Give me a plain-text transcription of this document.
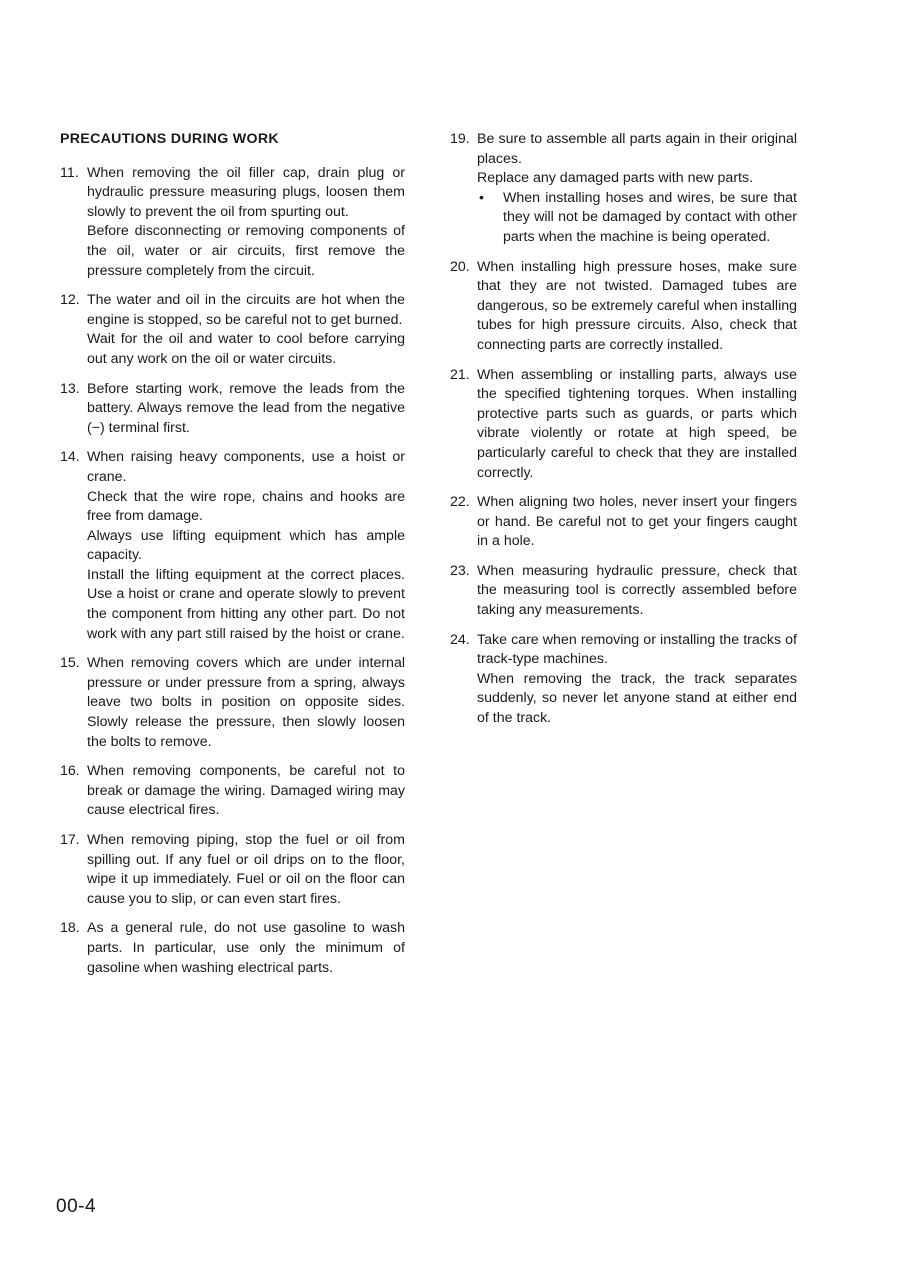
PRECAUTIONS DURING WORK
11. When removing the oil filler cap, drain plug or hydraulic pressure measuring plugs, loosen them slowly to prevent the oil from spurting out.

Before disconnecting or removing components of the oil, water or air circuits, first remove the pressure completely from the circuit.

12. The water and oil in the circuits are hot when the engine is stopped, so be careful not to get burned.

Wait for the oil and water to cool before carrying out any work on the oil or water circuits.

13. Before starting work, remove the leads from the battery. Always remove the lead from the negative (−) terminal first.

14. When raising heavy components, use a hoist or crane.

Check that the wire rope, chains and hooks are free from damage.

Always use lifting equipment which has ample capacity.

Install the lifting equipment at the correct places. Use a hoist or crane and operate slowly to prevent the component from hitting any other part. Do not work with any part still raised by the hoist or crane.

15. When removing covers which are under internal pressure or under pressure from a spring, always leave two bolts in position on opposite sides. Slowly release the pressure, then slowly loosen the bolts to remove.

16. When removing components, be careful not to break or damage the wiring. Damaged wiring may cause electrical fires.

17. When removing piping, stop the fuel or oil from spilling out. If any fuel or oil drips on to the floor, wipe it up immediately. Fuel or oil on the floor can cause you to slip, or can even start fires.

18. As a general rule, do not use gasoline to wash parts. In particular, use only the minimum of gasoline when washing electrical parts.

19. Be sure to assemble all parts again in their original places.

Replace any damaged parts with new parts.

• When installing hoses and wires, be sure that they will not be damaged by contact with other parts when the machine is being operated.
20. When installing high pressure hoses, make sure that they are not twisted. Damaged tubes are dangerous, so be extremely careful when installing tubes for high pressure circuits. Also, check that connecting parts are correctly installed.

21. When assembling or installing parts, always use the specified tightening torques. When installing protective parts such as guards, or parts which vibrate violently or rotate at high speed, be particularly careful to check that they are installed correctly.

22. When aligning two holes, never insert your fingers or hand. Be careful not to get your fingers caught in a hole.

23. When measuring hydraulic pressure, check that the measuring tool is correctly assembled before taking any measurements.

24. Take care when removing or installing the tracks of track-type machines.

When removing the track, the track separates suddenly, so never let anyone stand at either end of the track.

00-4
